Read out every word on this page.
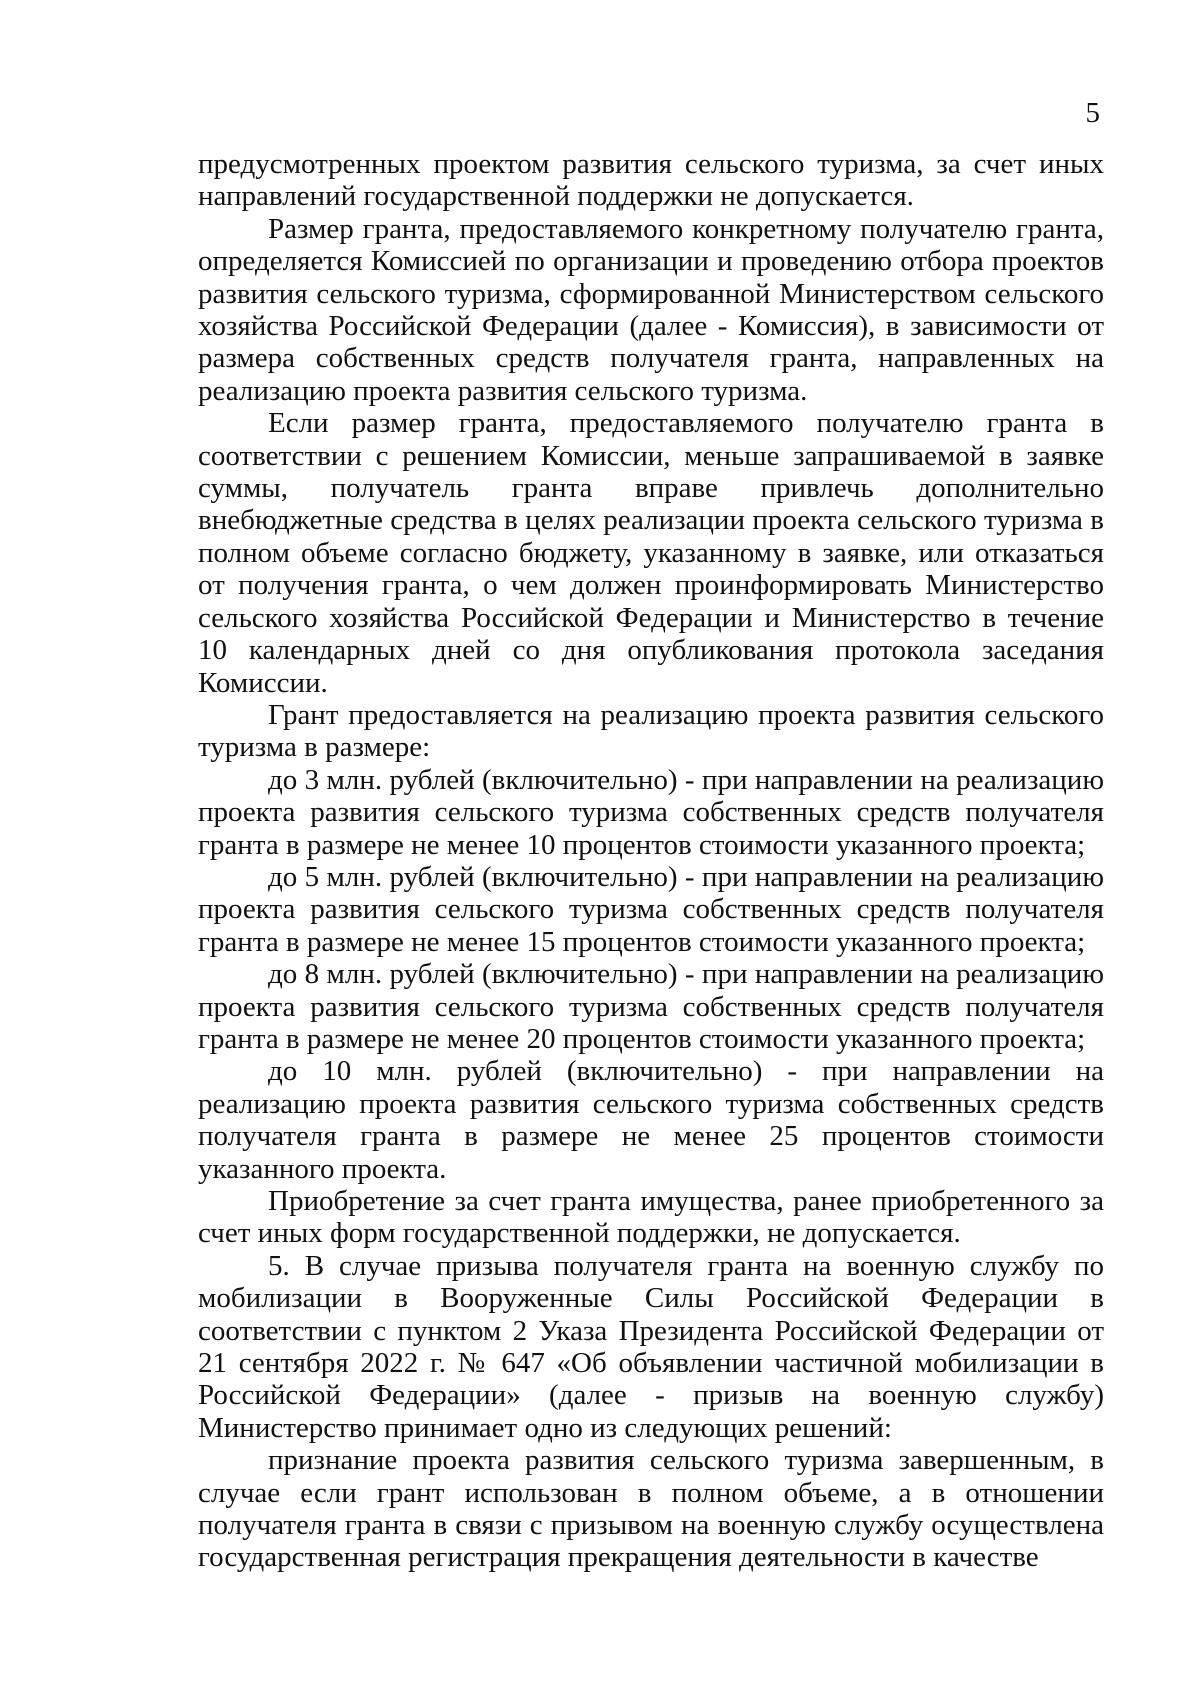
5

предусмотренных проектом развития сельского туризма, за счет иных направлений государственной поддержки не допускается.

Размер гранта, предоставляемого конкретному получателю гранта, определяется Комиссией по организации и проведению отбора проектов развития сельского туризма, сформированной Министерством сельского хозяйства Российской Федерации (далее - Комиссия), в зависимости от размера собственных средств получателя гранта, направленных на реализацию проекта развития сельского туризма.

Если размер гранта, предоставляемого получателю гранта в соответствии с решением Комиссии, меньше запрашиваемой в заявке суммы, получатель гранта вправе привлечь дополнительно внебюджетные средства в целях реализации проекта сельского туризма в полном объеме согласно бюджету, указанному в заявке, или отказаться от получения гранта, о чем должен проинформировать Министерство сельского хозяйства Российской Федерации и Министерство в течение 10 календарных дней со дня опубликования протокола заседания Комиссии.

Грант предоставляется на реализацию проекта развития сельского туризма в размере:

до 3 млн. рублей (включительно) - при направлении на реализацию проекта развития сельского туризма собственных средств получателя гранта в размере не менее 10 процентов стоимости указанного проекта;

до 5 млн. рублей (включительно) - при направлении на реализацию проекта развития сельского туризма собственных средств получателя гранта в размере не менее 15 процентов стоимости указанного проекта;

до 8 млн. рублей (включительно) - при направлении на реализацию проекта развития сельского туризма собственных средств получателя гранта в размере не менее 20 процентов стоимости указанного проекта;

до 10 млн. рублей (включительно) - при направлении на реализацию проекта развития сельского туризма собственных средств получателя гранта в размере не менее 25 процентов стоимости указанного проекта.

Приобретение за счет гранта имущества, ранее приобретенного за счет иных форм государственной поддержки, не допускается.

5. В случае призыва получателя гранта на военную службу по мобилизации в Вооруженные Силы Российской Федерации в соответствии с пунктом 2 Указа Президента Российской Федерации от 21 сентября 2022 г. № 647 «Об объявлении частичной мобилизации в Российской Федерации» (далее - призыв на военную службу) Министерство принимает одно из следующих решений:

признание проекта развития сельского туризма завершенным, в случае если грант использован в полном объеме, а в отношении получателя гранта в связи с призывом на военную службу осуществлена государственная регистрация прекращения деятельности в качестве
